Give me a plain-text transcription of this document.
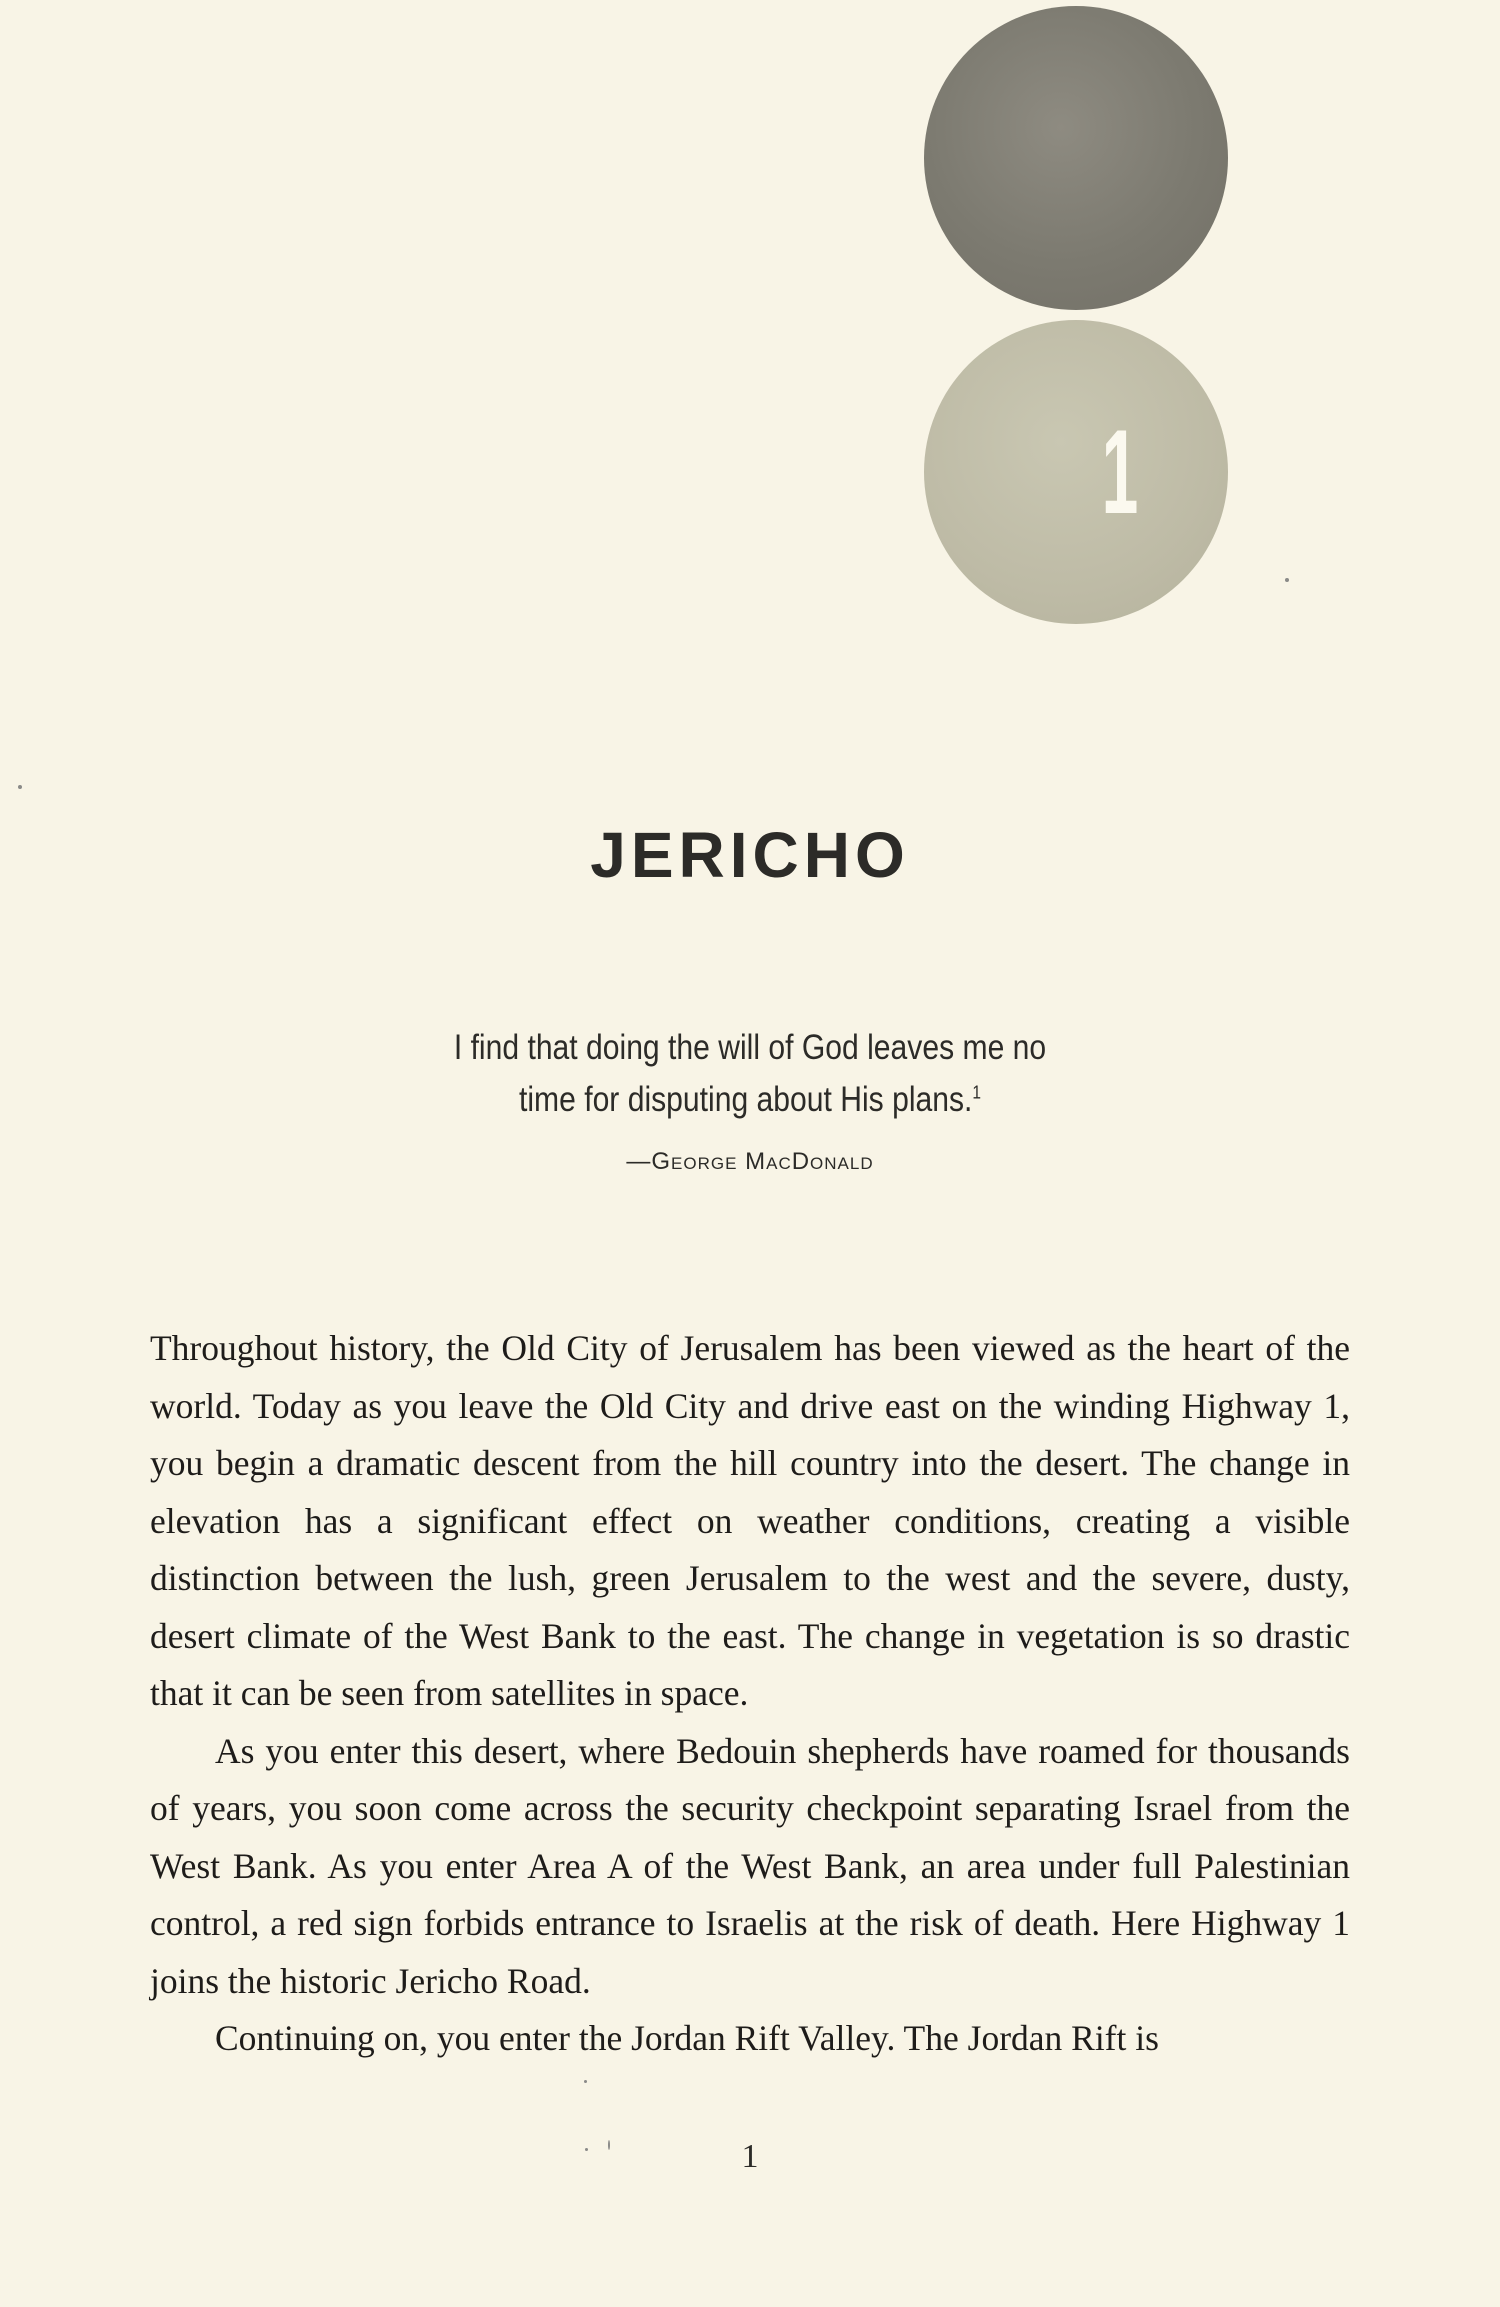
1
JERICHO
I find that doing the will of God leaves me no
time for disputing about His plans.$^1$
—George MacDonald

Throughout history, the Old City of Jerusalem has been viewed as the heart of the world. Today as you leave the Old City and drive east on the winding Highway 1, you begin a dramatic descent from the hill country into the desert. The change in elevation has a significant effect on weather conditions, creating a visible distinction between the lush, green Jerusalem to the west and the severe, dusty, desert climate of the West Bank to the east. The change in vegetation is so drastic that it can be seen from satellites in space.

As you enter this desert, where Bedouin shepherds have roamed for thousands of years, you soon come across the security checkpoint separating Israel from the West Bank. As you enter Area A of the West Bank, an area under full Palestinian control, a red sign forbids entrance to Israelis at the risk of death. Here Highway 1 joins the historic Jericho Road.

Continuing on, you enter the Jordan Rift Valley. The Jordan Rift is

1
